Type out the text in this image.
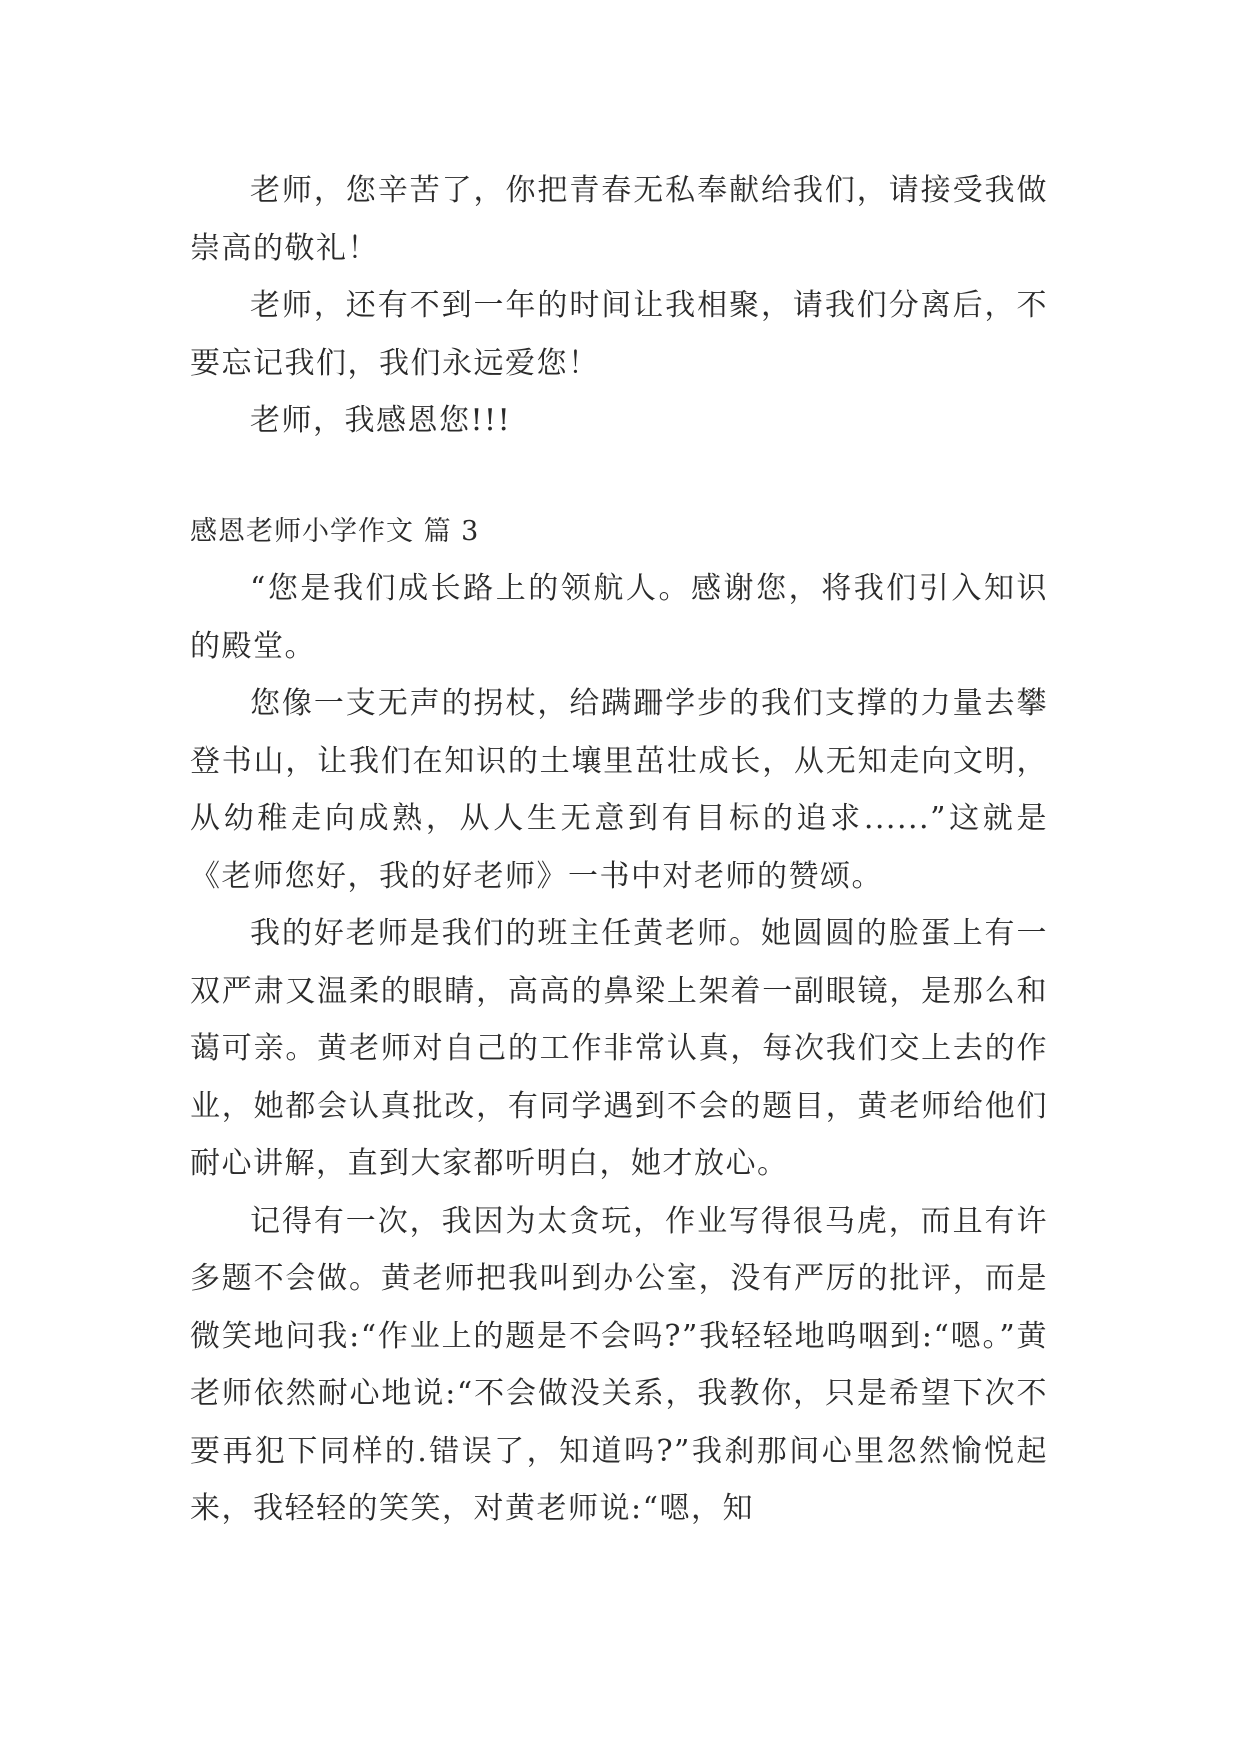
老师，您辛苦了，你把青春无私奉献给我们，请接受我做崇高的敬礼！

老师，还有不到一年的时间让我相聚，请我们分离后，不要忘记我们，我们永远爱您！

老师，我感恩您!!!

感恩老师小学作文 篇 3

“您是我们成长路上的领航人。感谢您，将我们引入知识的殿堂。

您像一支无声的拐杖，给蹒跚学步的我们支撑的力量去攀登书山，让我们在知识的土壤里茁壮成长，从无知走向文明，从幼稚走向成熟，从人生无意到有目标的追求......”这就是《老师您好，我的好老师》一书中对老师的赞颂。

我的好老师是我们的班主任黄老师。她圆圆的脸蛋上有一双严肃又温柔的眼睛，高高的鼻梁上架着一副眼镜，是那么和蔼可亲。黄老师对自己的工作非常认真，每次我们交上去的作业，她都会认真批改，有同学遇到不会的题目，黄老师给他们耐心讲解，直到大家都听明白，她才放心。

记得有一次，我因为太贪玩，作业写得很马虎，而且有许多题不会做。黄老师把我叫到办公室，没有严厉的批评，而是微笑地问我:“作业上的题是不会吗?”我轻轻地呜咽到:“嗯。”黄老师依然耐心地说:“不会做没关系，我教你，只是希望下次不要再犯下同样的.错误了，知道吗?”我刹那间心里忽然愉悦起来，我轻轻的笑笑，对黄老师说:“嗯，知
